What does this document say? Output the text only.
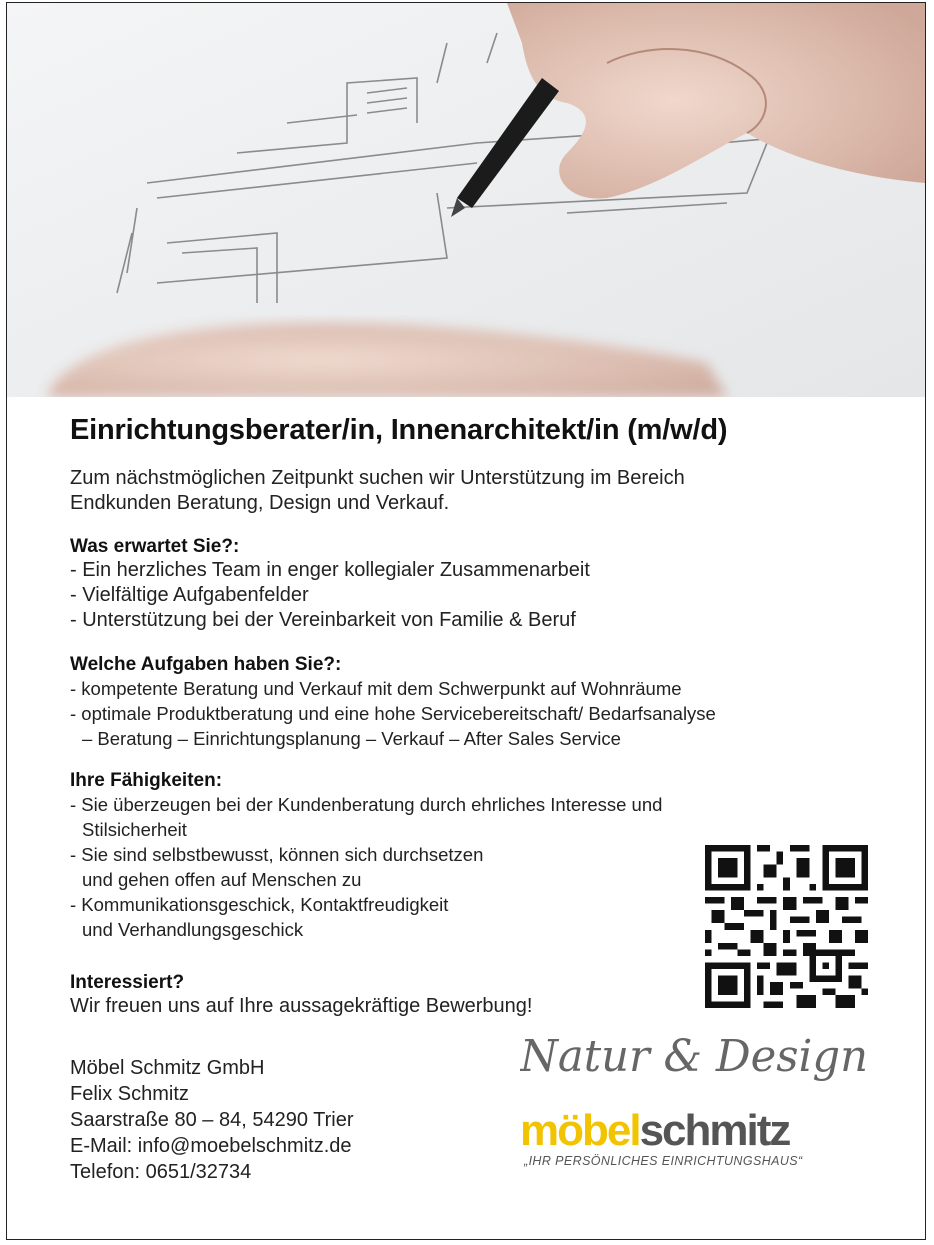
Einrichtungsberater/in, Innenarchitekt/in (m/w/d)
Zum nächstmöglichen Zeitpunkt suchen wir Unterstützung im Bereich
Endkunden Beratung, Design und Verkauf.
Was erwartet Sie?:
- Ein herzliches Team in enger kollegialer Zusammenarbeit
- Vielfältige Aufgabenfelder
- Unterstützung bei der Vereinbarkeit von Familie & Beruf
Welche Aufgaben haben Sie?:
- kompetente Beratung und Verkauf mit dem Schwerpunkt auf Wohnräume
- optimale Produktberatung und eine hohe Servicebereitschaft/ Bedarfsanalyse
– Beratung – Einrichtungsplanung – Verkauf – After Sales Service
Ihre Fähigkeiten:
- Sie überzeugen bei der Kundenberatung durch ehrliches Interesse und
Stilsicherheit
- Sie sind selbstbewusst, können sich durchsetzen
und gehen offen auf Menschen zu
- Kommunikationsgeschick, Kontaktfreudigkeit
und Verhandlungsgeschick
Interessiert?
Wir freuen uns auf Ihre aussagekräftige Bewerbung!
Möbel Schmitz GmbH
Felix Schmitz
Saarstraße 80 – 84, 54290 Trier
E-Mail: info@moebelschmitz.de
Telefon: 0651/32734
Natur & Design
möbelschmitz
„IHR PERSÖNLICHES EINRICHTUNGSHAUS“
